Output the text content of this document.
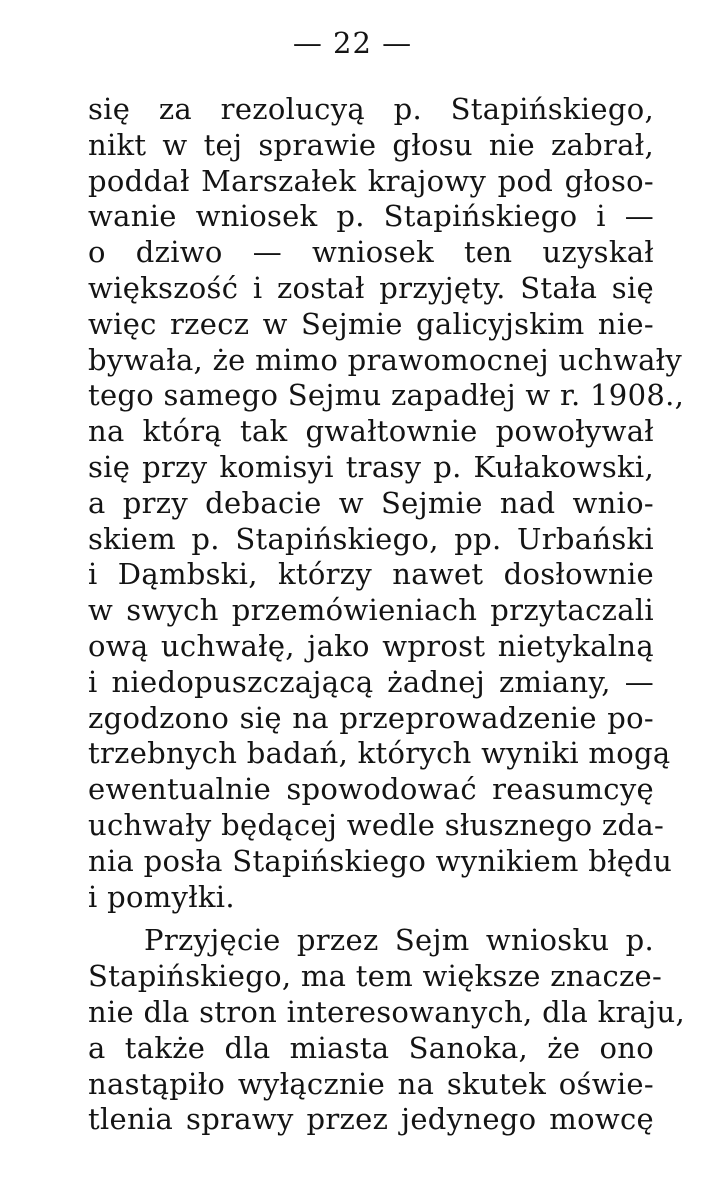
— 22 —
się za rezolucyą p. Stapińskiego,
nikt w tej sprawie głosu nie zabrał,
poddał Marszałek krajowy pod głoso-
wanie wniosek p. Stapińskiego i —
o dziwo — wniosek ten uzyskał
większość i został przyjęty. Stała się
więc rzecz w Sejmie galicyjskim nie-
bywała, że mimo prawomocnej uchwały
tego samego Sejmu zapadłej w r. 1908.,
na którą tak gwałtownie powoływał
się przy komisyi trasy p. Kułakowski,
a przy debacie w Sejmie nad wnio-
skiem p. Stapińskiego, pp. Urbański
i Dąmbski, którzy nawet dosłownie
w swych przemówieniach przytaczali
ową uchwałę, jako wprost nietykalną
i niedopuszczającą żadnej zmiany, —
zgodzono się na przeprowadzenie po-
trzebnych badań, których wyniki mogą
ewentualnie spowodować reasumcyę
uchwały będącej wedle słusznego zda-
nia posła Stapińskiego wynikiem błędu
i pomyłki.
Przyjęcie przez Sejm wniosku p.
Stapińskiego, ma tem większe znacze-
nie dla stron interesowanych, dla kraju,
a także dla miasta Sanoka, że ono
nastąpiło wyłącznie na skutek oświe-
tlenia sprawy przez jedynego mowcę
